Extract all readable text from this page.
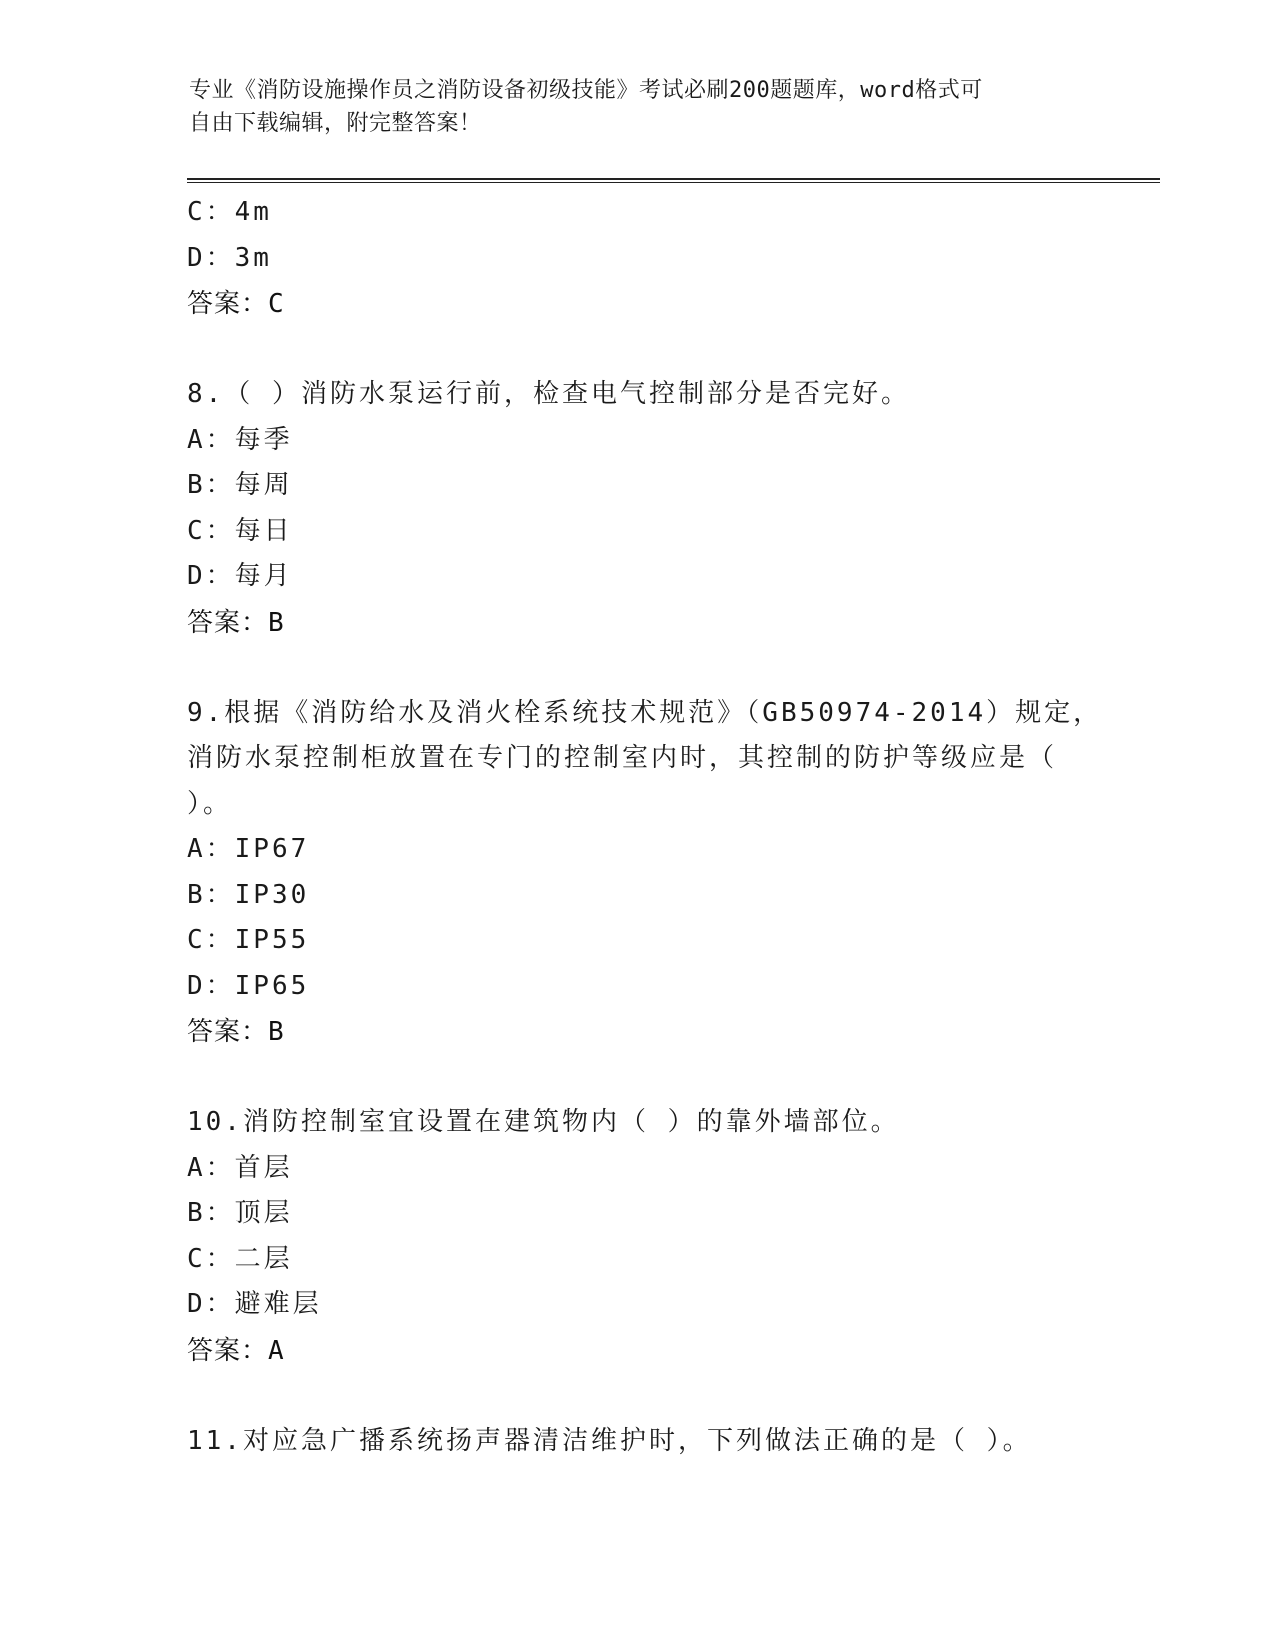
专业《消防设施操作员之消防设备初级技能》考试必刷200题题库，word格式可
自由下载编辑，附完整答案！
C：4m
D：3m
答案：C
8.（ ）消防水泵运行前，检查电气控制部分是否完好。
A：每季
B：每周
C：每日
D：每月
答案：B
9.根据《消防给水及消火栓系统技术规范》（GB50974-2014）规定，
消防水泵控制柜放置在专门的控制室内时，其控制的防护等级应是（
）。
A：IP67
B：IP30
C：IP55
D：IP65
答案：B
10.消防控制室宜设置在建筑物内（ ）的靠外墙部位。
A：首层
B：顶层
C：二层
D：避难层
答案：A
11.对应急广播系统扬声器清洁维护时，下列做法正确的是（ ）。
